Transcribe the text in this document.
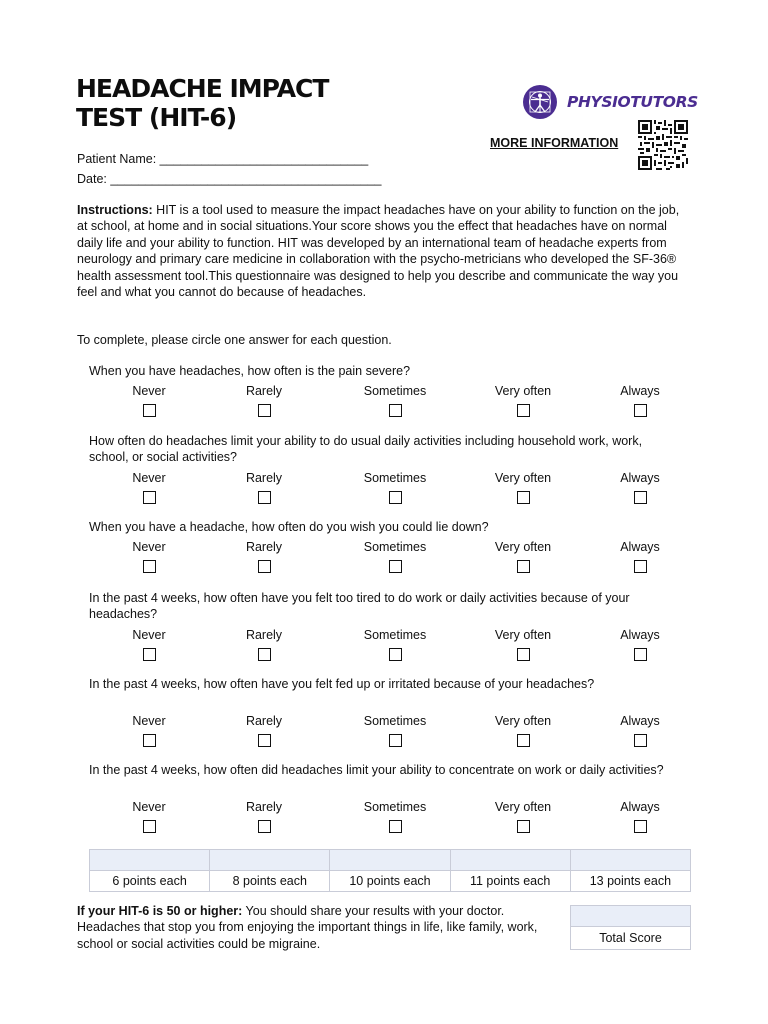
HEADACHE IMPACT
TEST (HIT-6)
PHYSIOTUTORS
MORE INFORMATION
Patient Name: ______________________________
Date: _______________________________________
Instructions: HIT is a tool used to measure the impact headaches have on your ability to function on the job, at school, at home and in social situations.Your score shows you the effect that headaches have on normal daily life and your ability to function. HIT was developed by an international team of headache experts from neurology and primary care medicine in collaboration with the psycho-metricians who developed the SF-36® health assessment tool.This questionnaire was designed to help you describe and communicate the way you feel and what you cannot do because of headaches.
To complete, please circle one answer for each question.
When you have headaches, how often is the pain severe?
Never	Rarely	Sometimes	Very often	Always
How often do headaches limit your ability to do usual daily activities including household work, work, school, or social activities?
Never	Rarely	Sometimes	Very often	Always
When you have a headache, how often do you wish you could lie down?
Never	Rarely	Sometimes	Very often	Always
In the past 4 weeks, how often have you felt too tired to do work or daily activities because of your headaches?
Never	Rarely	Sometimes	Very often	Always
In the past 4 weeks, how often have you felt fed up or irritated because of your headaches?
Never	Rarely	Sometimes	Very often	Always
In the past 4 weeks, how often did headaches limit your ability to concentrate on work or daily activities?
Never	Rarely	Sometimes	Very often	Always

6 points each	8 points each	10 points each	11 points each	13 points each
If your HIT-6 is 50 or higher: You should share your results with your doctor. Headaches that stop you from enjoying the important things in life, like family, work, school or social activities could be migraine.	Total Score
